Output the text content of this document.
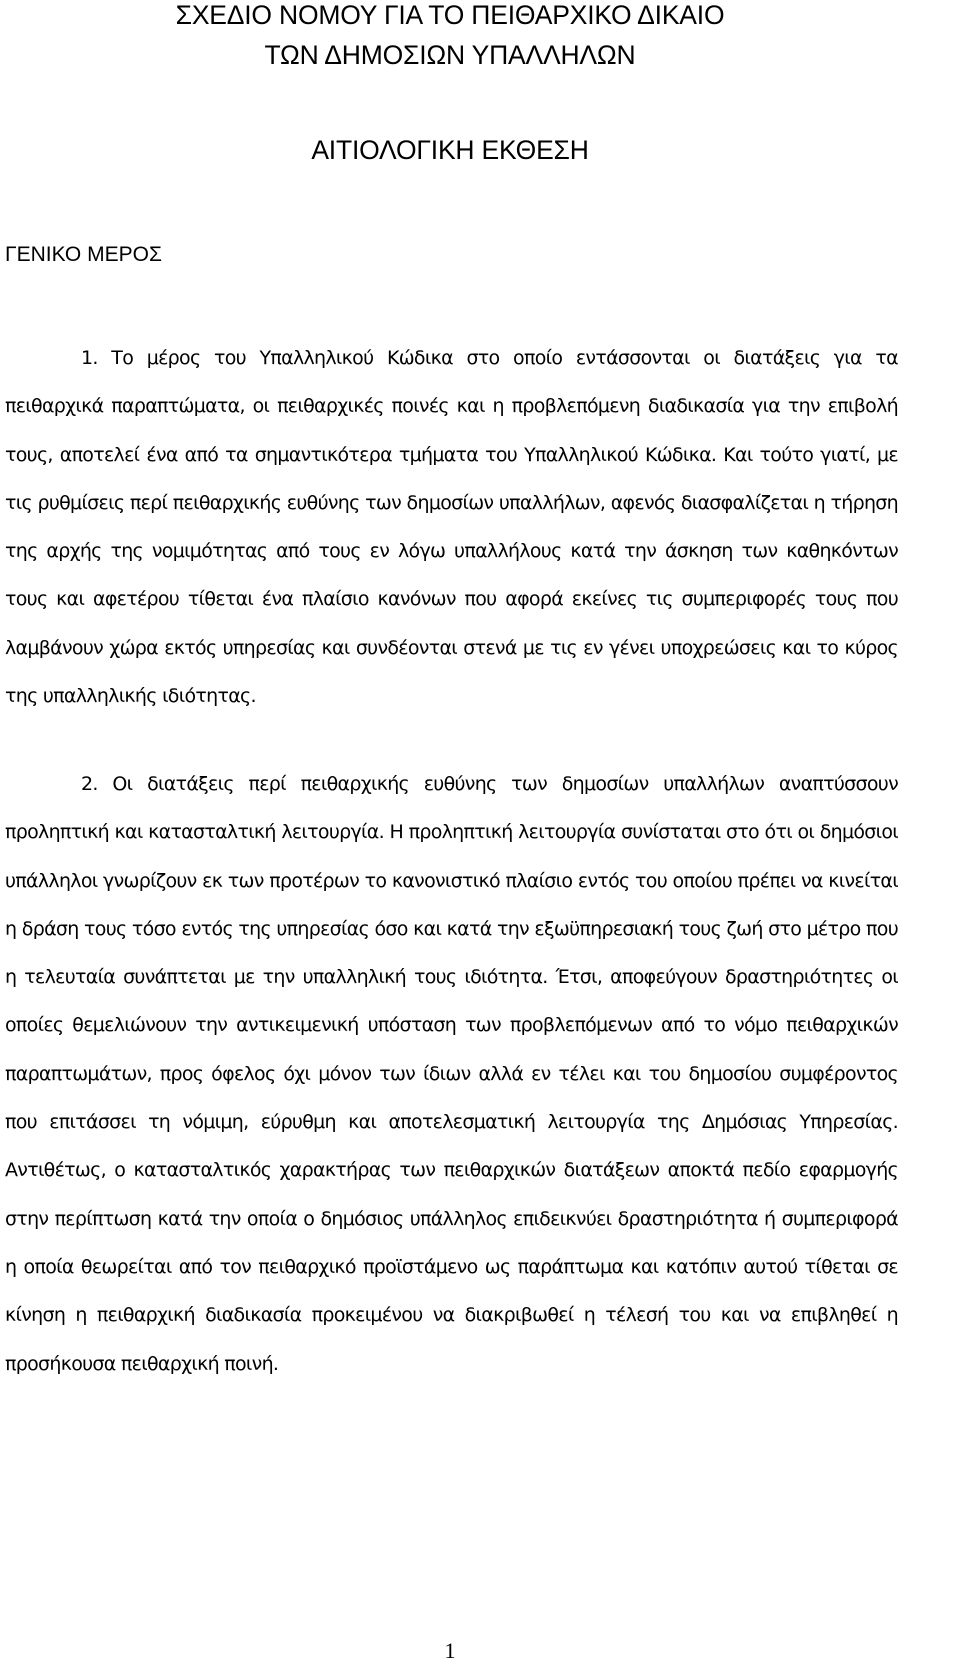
ΣΧΕΔΙΟ ΝΟΜΟΥ ΓΙΑ ΤΟ ΠΕΙΘΑΡΧΙΚΟ ΔΙΚΑΙΟ
ΤΩΝ ΔΗΜΟΣΙΩΝ ΥΠΑΛΛΗΛΩΝ
ΑΙΤΙΟΛΟΓΙΚΗ ΕΚΘΕΣΗ
ΓΕΝΙΚΟ ΜΕΡΟΣ

1. Το μέρος του Υπαλληλικού Κώδικα στο οποίο εντάσσονται οι διατάξεις για τα πειθαρχικά παραπτώματα, οι πειθαρχικές ποινές και η προβλεπόμενη διαδικασία για την επιβολή τους, αποτελεί ένα από τα σημαντικότερα τμήματα του Υπαλληλικού Κώδικα. Και τούτο γιατί, με τις ρυθμίσεις περί πειθαρχικής ευθύνης των δημοσίων υπαλλήλων, αφενός διασφαλίζεται η τήρηση της αρχής της νομιμότητας από τους εν λόγω υπαλλήλους κατά την άσκηση των καθηκόντων τους και αφετέρου τίθεται ένα πλαίσιο κανόνων που αφορά εκείνες τις συμπεριφορές τους που λαμβάνουν χώρα εκτός υπηρεσίας και συνδέονται στενά με τις εν γένει υποχρεώσεις και το κύρος της υπαλληλικής ιδιότητας.

2. Οι διατάξεις περί πειθαρχικής ευθύνης των δημοσίων υπαλλήλων αναπτύσσουν προληπτική και κατασταλτική λειτουργία. Η προληπτική λειτουργία συνίσταται στο ότι οι δημόσιοι υπάλληλοι γνωρίζουν εκ των προτέρων το κανονιστικό πλαίσιο εντός του οποίου πρέπει να κινείται η δράση τους τόσο εντός της υπηρεσίας όσο και κατά την εξωϋπηρεσιακή τους ζωή στο μέτρο που η τελευταία συνάπτεται με την υπαλληλική τους ιδιότητα. Έτσι, αποφεύγουν δραστηριότητες οι οποίες θεμελιώνουν την αντικειμενική υπόσταση των προβλεπόμενων από το νόμο πειθαρχικών παραπτωμάτων, προς όφελος όχι μόνον των ίδιων αλλά εν τέλει και του δημοσίου συμφέροντος που επιτάσσει τη νόμιμη, εύρυθμη και αποτελεσματική λειτουργία της Δημόσιας Υπηρεσίας. Αντιθέτως, ο κατασταλτικός χαρακτήρας των πειθαρχικών διατάξεων αποκτά πεδίο εφαρμογής στην περίπτωση κατά την οποία ο δημόσιος υπάλληλος επιδεικνύει δραστηριότητα ή συμπεριφορά η οποία θεωρείται από τον πειθαρχικό προϊστάμενο ως παράπτωμα και κατόπιν αυτού τίθεται σε κίνηση η πειθαρχική διαδικασία προκειμένου να διακριβωθεί η τέλεσή του και να επιβληθεί η προσήκουσα πειθαρχική ποινή.

1
